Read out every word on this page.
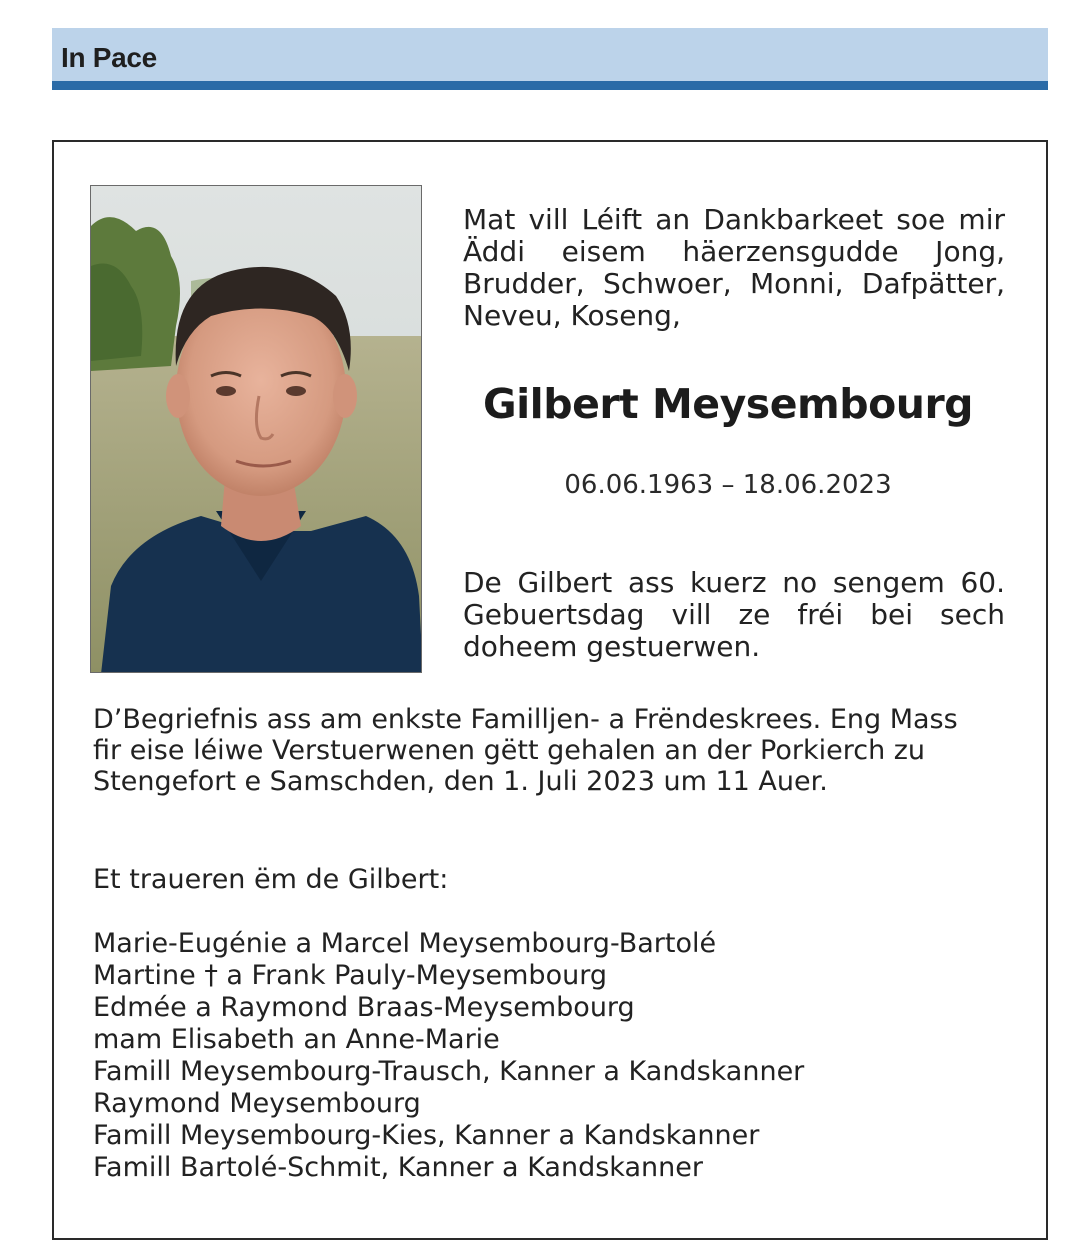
In Pace
Mat vill Léift an Dankbarkeet soe mir Äddi eisem häerzensgudde Jong, Brudder, Schwoer, Monni, Dafpätter, Neveu, Koseng,
Gilbert Meysembourg
06.06.1963 – 18.06.2023
De Gilbert ass kuerz no sengem 60. Gebuertsdag vill ze fréi bei sech doheem gestuerwen.
D’Begriefnis ass am enkste Familljen- a Frëndeskrees. Eng Mass fir eise léiwe Verstuerwenen gëtt gehalen an der Porkierch zu Stengefort e Samschden, den 1. Juli 2023 um 11 Auer.
Et traueren ëm de Gilbert:
Marie-Eugénie a Marcel Meysembourg-Bartolé
Martine † a Frank Pauly-Meysembourg
Edmée a Raymond Braas-Meysembourg
mam Elisabeth an Anne-Marie
Famill Meysembourg-Trausch, Kanner a Kandskanner
Raymond Meysembourg
Famill Meysembourg-Kies, Kanner a Kandskanner
Famill Bartolé-Schmit, Kanner a Kandskanner
